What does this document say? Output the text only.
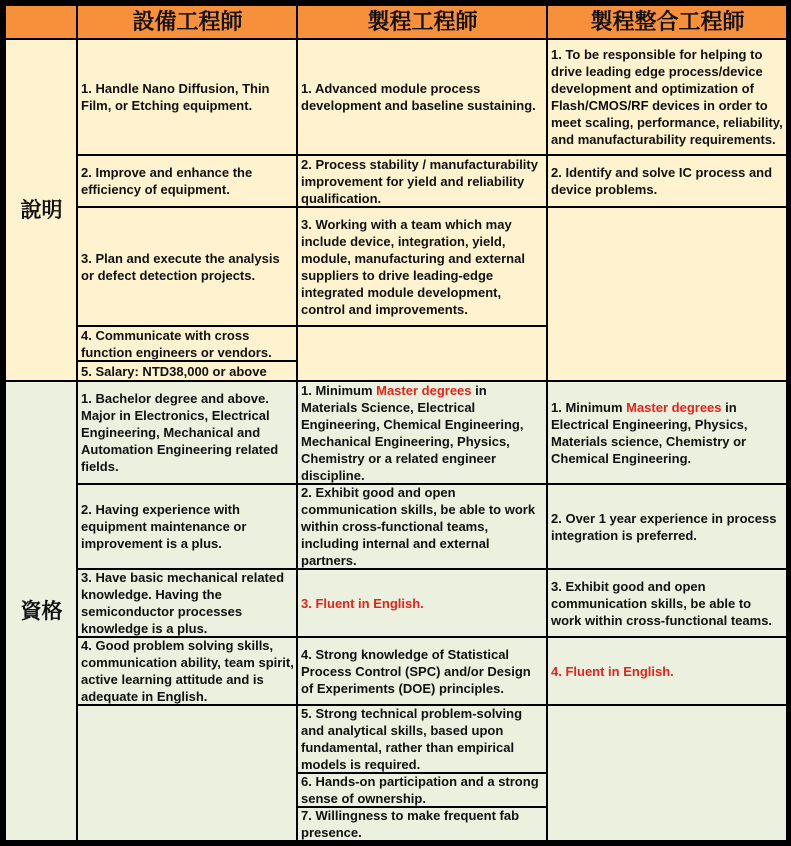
設備工程師	製程工程師	製程整合工程師
說明
資格
1. Handle Nano Diffusion, Thin Film, or Etching equipment.
2. Improve and enhance the efficiency of equipment.
3. Plan and execute the analysis or defect detection projects.
4. Communicate with cross function engineers or vendors.
5. Salary: NTD38,000 or above
1. Advanced module process development and baseline sustaining.
2. Process stability / manufacturability improvement for yield and reliability qualification.
3. Working with a team which may include device, integration, yield, module, manufacturing and external suppliers to drive leading-edge integrated module development, control and improvements.
1. To be responsible for helping to drive leading edge process/device development and optimization of Flash/CMOS/RF devices in order to meet scaling, performance, reliability, and manufacturability requirements.
2. Identify and solve IC process and device problems.
1. Bachelor degree and above. Major in Electronics, Electrical Engineering, Mechanical and Automation Engineering related fields.
2. Having experience with equipment maintenance or improvement is a plus.
3. Have basic mechanical related knowledge. Having the semiconductor processes knowledge is a plus.
4. Good problem solving skills, communication ability, team spirit, active learning attitude and is adequate in English.
1. Minimum Master degrees in Materials Science, Electrical Engineering, Chemical Engineering, Mechanical Engineering, Physics, Chemistry or a related engineer discipline.
2. Exhibit good and open communication skills, be able to work within cross-functional teams, including internal and external partners.
3. Fluent in English.
4. Strong knowledge of Statistical Process Control (SPC) and/or Design of Experiments (DOE) principles.
5. Strong technical problem-solving and analytical skills, based upon fundamental, rather than empirical models is required.
6. Hands-on participation and a strong sense of ownership.
7. Willingness to make frequent fab presence.
1. Minimum Master degrees in Electrical Engineering, Physics, Materials science, Chemistry or Chemical Engineering.
2. Over 1 year experience in process integration is preferred.
3. Exhibit good and open communication skills, be able to work within cross-functional teams.
4. Fluent in English.
